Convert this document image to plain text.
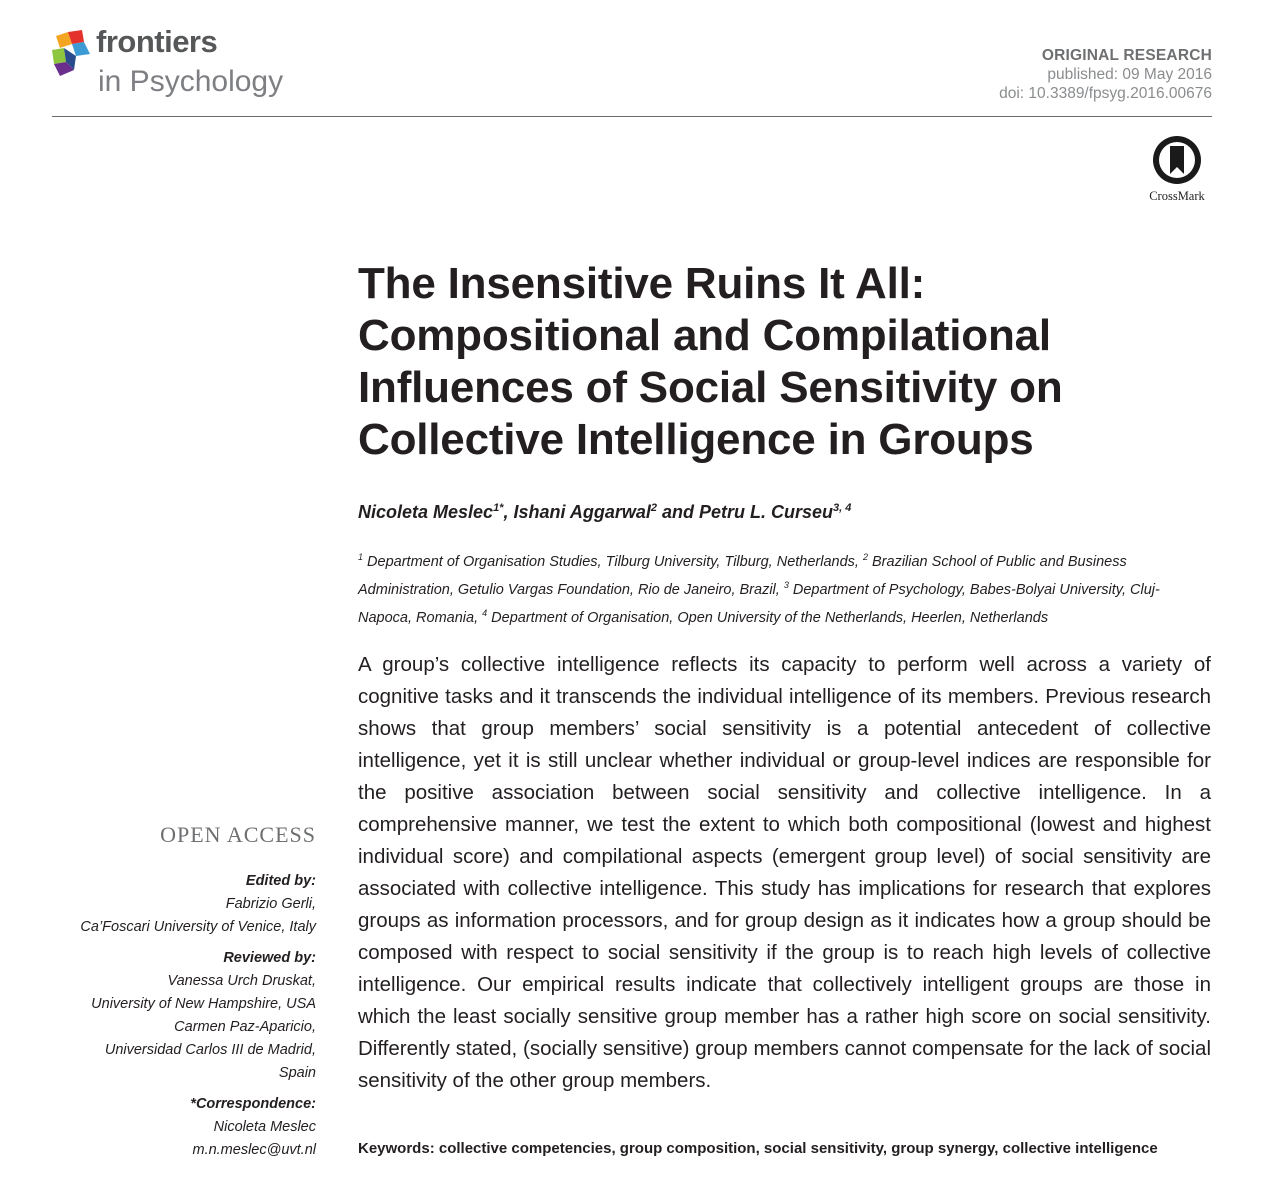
frontiers
in Psychology
ORIGINAL RESEARCH
published: 09 May 2016
doi: 10.3389/fpsyg.2016.00676
CrossMark
The Insensitive Ruins It All: Compositional and Compilational Influences of Social Sensitivity on Collective Intelligence in Groups
Nicoleta Meslec$^{1*}$, Ishani Aggarwal$^2$ and Petru L. Curseu$^{3, 4}$
$^1$ Department of Organisation Studies, Tilburg University, Tilburg, Netherlands, $^2$ Brazilian School of Public and Business Administration, Getulio Vargas Foundation, Rio de Janeiro, Brazil, $^3$ Department of Psychology, Babes-Bolyai University, Cluj-Napoca, Romania, $^4$ Department of Organisation, Open University of the Netherlands, Heerlen, Netherlands

A group’s collective intelligence reflects its capacity to perform well across a variety of cognitive tasks and it transcends the individual intelligence of its members. Previous research shows that group members’ social sensitivity is a potential antecedent of collective intelligence, yet it is still unclear whether individual or group-level indices are responsible for the positive association between social sensitivity and collective intelligence. In a comprehensive manner, we test the extent to which both compositional (lowest and highest individual score) and compilational aspects (emergent group level) of social sensitivity are associated with collective intelligence. This study has implications for research that explores groups as information processors, and for group design as it indicates how a group should be composed with respect to social sensitivity if the group is to reach high levels of collective intelligence. Our empirical results indicate that collectively intelligent groups are those in which the least socially sensitive group member has a rather high score on social sensitivity. Differently stated, (socially sensitive) group members cannot compensate for the lack of social sensitivity of the other group members.

Keywords: collective competencies, group composition, social sensitivity, group synergy, collective intelligence
OPEN ACCESS
Edited by:
Fabrizio Gerli,
Ca’Foscari University of Venice, Italy
Reviewed by:
Vanessa Urch Druskat,
University of New Hampshire, USA
Carmen Paz-Aparicio,
Universidad Carlos III de Madrid,
Spain
*Correspondence:
Nicoleta Meslec
m.n.meslec@uvt.nl
